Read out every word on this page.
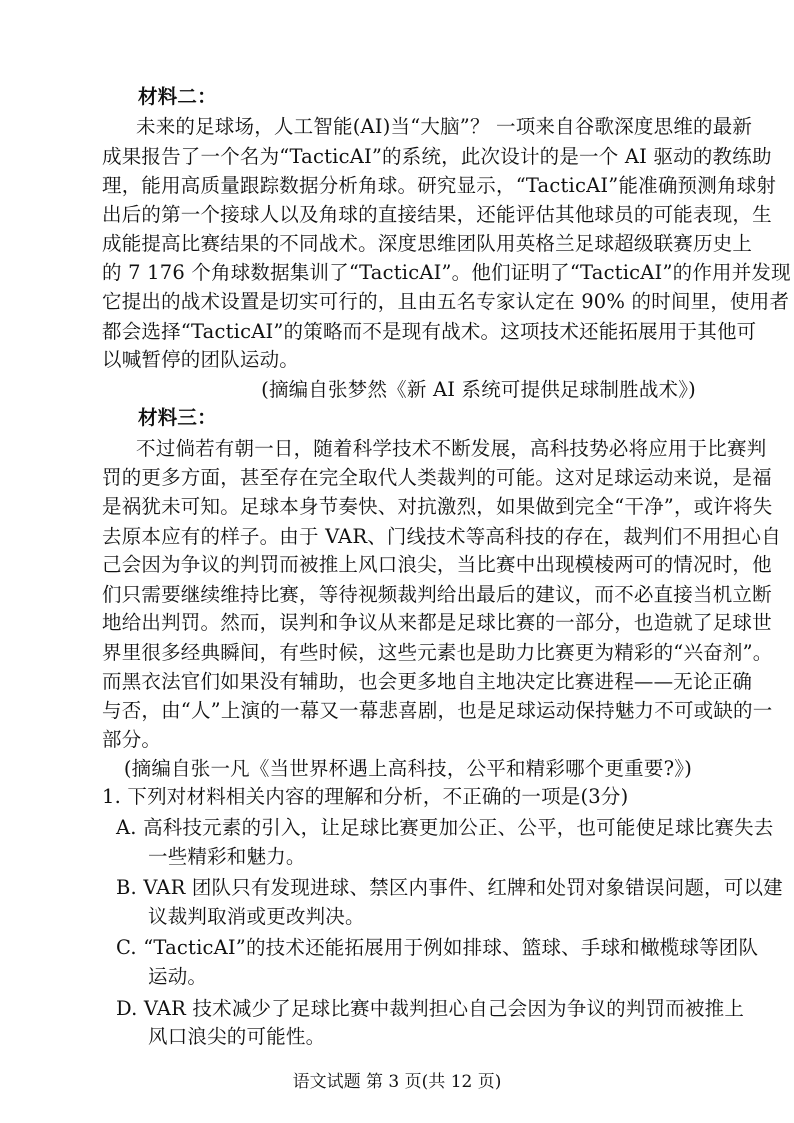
材料二：
未来的足球场，人工智能(AI)当“大脑”？ 一项来自谷歌深度思维的最新
成果报告了一个名为“TacticAI”的系统，此次设计的是一个 AI 驱动的教练助
理，能用高质量跟踪数据分析角球。研究显示，“TacticAI”能准确预测角球射
出后的第一个接球人以及角球的直接结果，还能评估其他球员的可能表现，生
成能提高比赛结果的不同战术。深度思维团队用英格兰足球超级联赛历史上
的 7 176 个角球数据集训了“TacticAI”。他们证明了“TacticAI”的作用并发现
它提出的战术设置是切实可行的，且由五名专家认定在 90% 的时间里，使用者
都会选择“TacticAI”的策略而不是现有战术。这项技术还能拓展用于其他可
以喊暂停的团队运动。
(摘编自张梦然《新 AI 系统可提供足球制胜战术》)
材料三：
不过倘若有朝一日，随着科学技术不断发展，高科技势必将应用于比赛判
罚的更多方面，甚至存在完全取代人类裁判的可能。这对足球运动来说，是福
是祸犹未可知。足球本身节奏快、对抗激烈，如果做到完全“干净”，或许将失
去原本应有的样子。由于 VAR、门线技术等高科技的存在，裁判们不用担心自
己会因为争议的判罚而被推上风口浪尖，当比赛中出现模棱两可的情况时，他
们只需要继续维持比赛，等待视频裁判给出最后的建议，而不必直接当机立断
地给出判罚。然而，误判和争议从来都是足球比赛的一部分，也造就了足球世
界里很多经典瞬间，有些时候，这些元素也是助力比赛更为精彩的“兴奋剂”。
而黑衣法官们如果没有辅助，也会更多地自主地决定比赛进程——无论正确
与否，由“人”上演的一幕又一幕悲喜剧，也是足球运动保持魅力不可或缺的一
部分。
(摘编自张一凡《当世界杯遇上高科技，公平和精彩哪个更重要?》)
1. 下列对材料相关内容的理解和分析，不正确的一项是(3分)
A. 高科技元素的引入，让足球比赛更加公正、公平，也可能使足球比赛失去
一些精彩和魅力。
B. VAR 团队只有发现进球、禁区内事件、红牌和处罚对象错误问题，可以建
议裁判取消或更改判决。
C. “TacticAI”的技术还能拓展用于例如排球、篮球、手球和橄榄球等团队
运动。
D. VAR 技术减少了足球比赛中裁判担心自己会因为争议的判罚而被推上
风口浪尖的可能性。
语文试题 第 3 页(共 12 页)
